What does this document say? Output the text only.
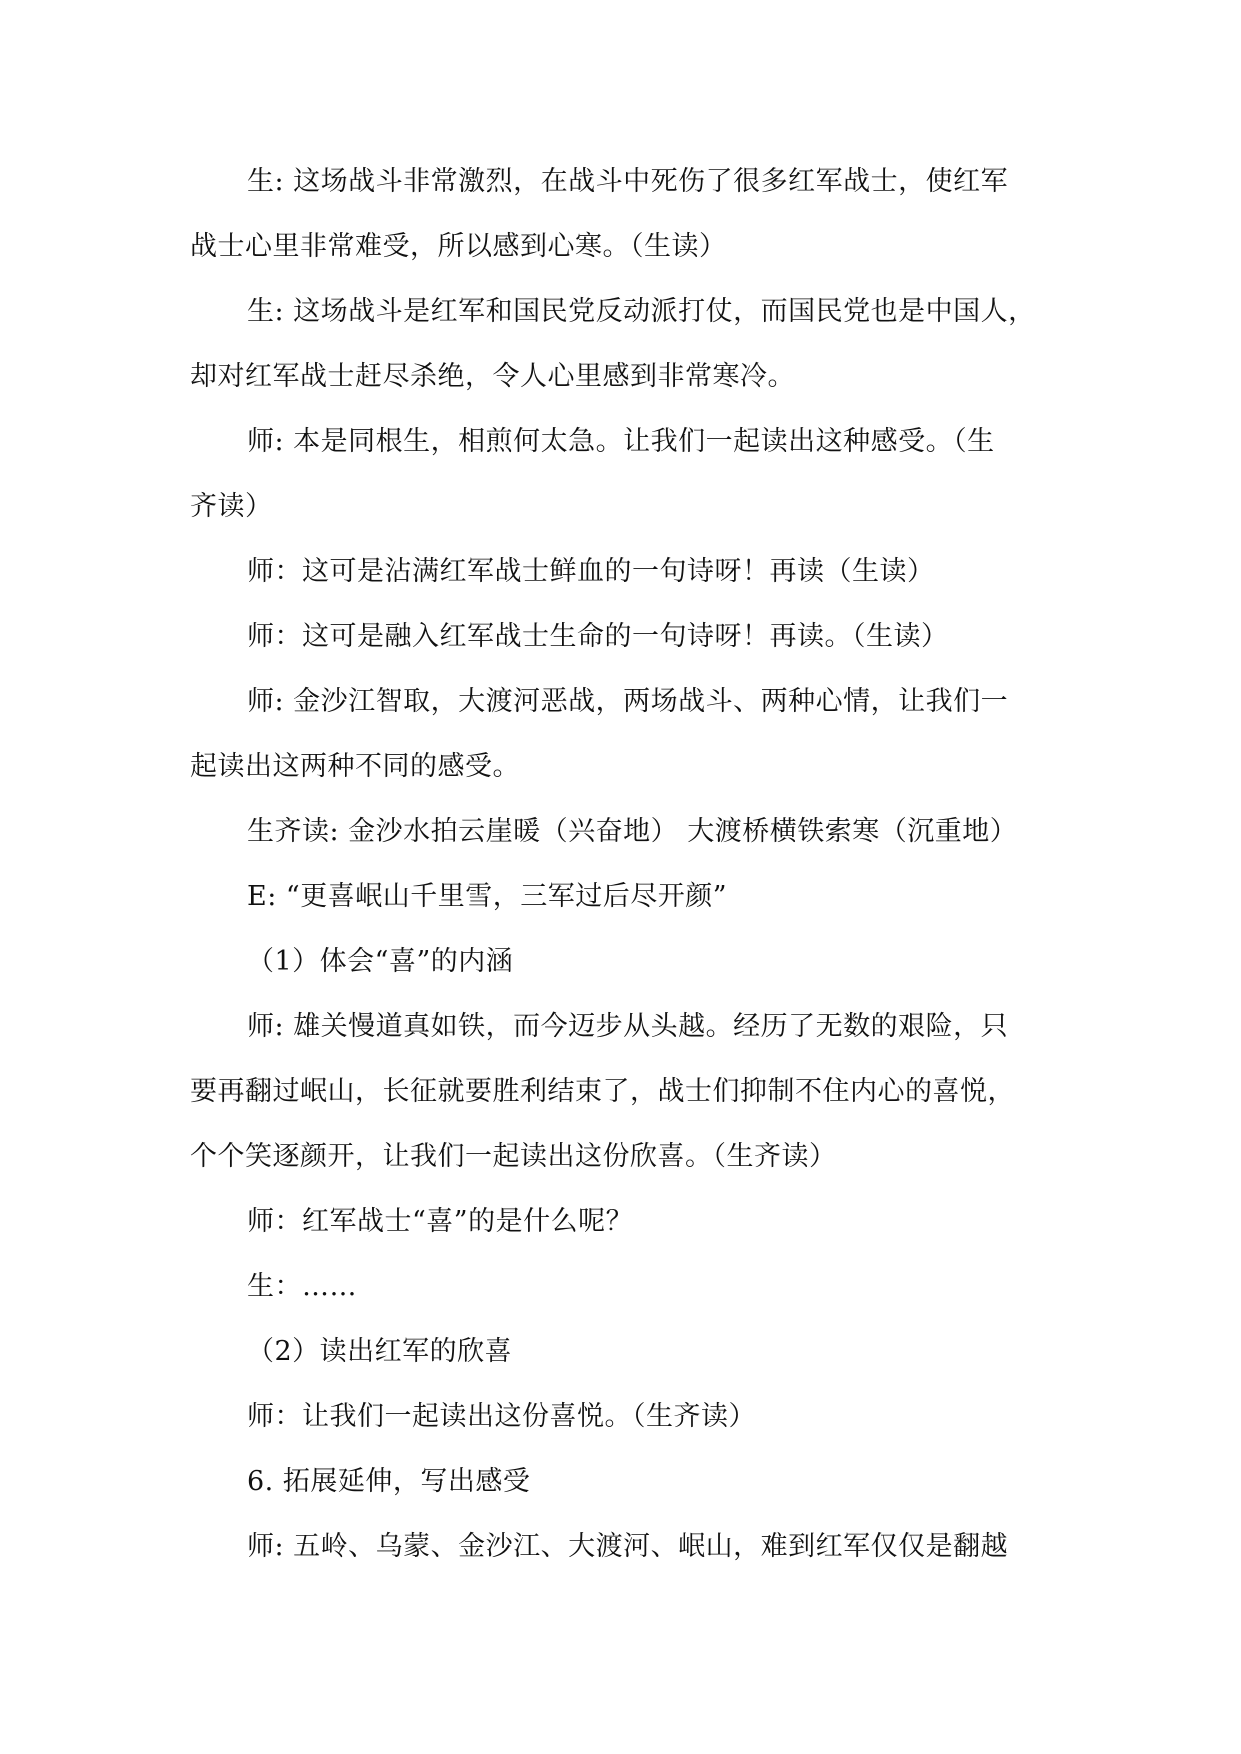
生: 这场战斗非常激烈，在战斗中死伤了很多红军战士，使红军
战士心里非常难受，所以感到心寒。（生读）
生: 这场战斗是红军和国民党反动派打仗，而国民党也是中国人，
却对红军战士赶尽杀绝，令人心里感到非常寒冷。
师: 本是同根生，相煎何太急。让我们一起读出这种感受。（生
齐读）
师：这可是沾满红军战士鲜血的一句诗呀！再读（生读）
师：这可是融入红军战士生命的一句诗呀！再读。（生读）
师: 金沙江智取，大渡河恶战，两场战斗、两种心情，让我们一
起读出这两种不同的感受。
生齐读: 金沙水拍云崖暖（兴奋地） 大渡桥横铁索寒（沉重地）
E: “更喜岷山千里雪，三军过后尽开颜”
（1）体会“喜”的内涵
师: 雄关慢道真如铁，而今迈步从头越。经历了无数的艰险，只
要再翻过岷山，长征就要胜利结束了，战士们抑制不住内心的喜悦，
个个笑逐颜开，让我们一起读出这份欣喜。（生齐读）
师：红军战士“喜”的是什么呢？
生：……
（2）读出红军的欣喜
师：让我们一起读出这份喜悦。（生齐读）
6. 拓展延伸，写出感受
师: 五岭、乌蒙、金沙江、大渡河、岷山，难到红军仅仅是翻越
